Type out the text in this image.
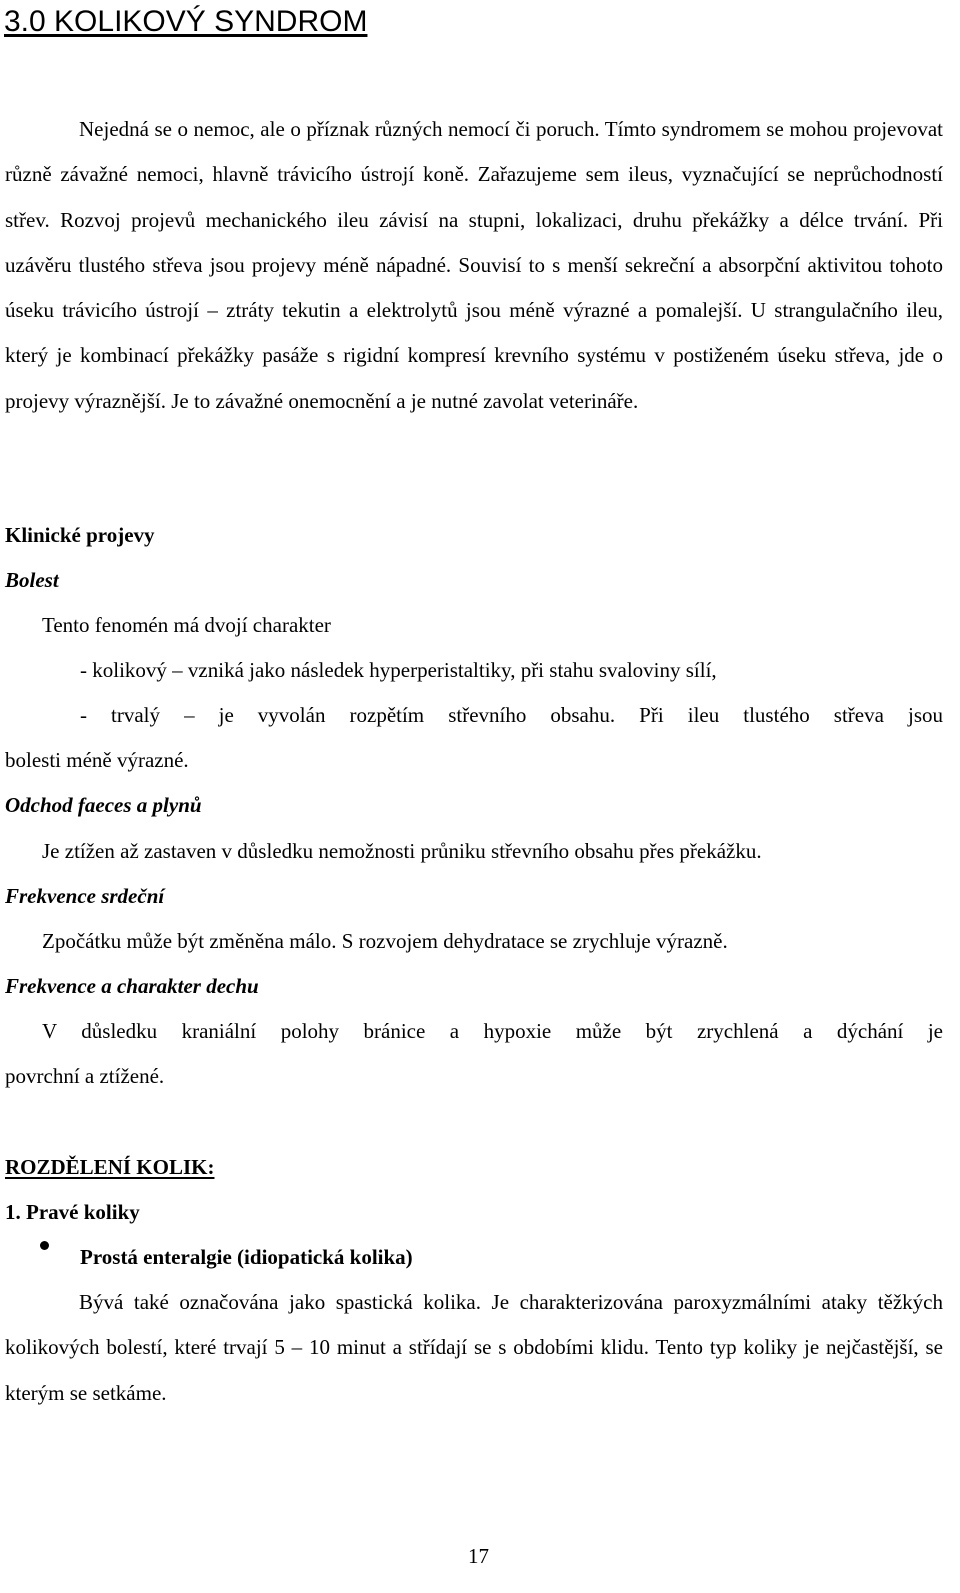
3.0 KOLIKOVÝ SYNDROM
Nejedná se o nemoc, ale o příznak různých nemocí či poruch. Tímto syndromem se mohou projevovat různě závažné nemoci, hlavně trávicího ústrojí koně. Zařazujeme sem ileus, vyznačující se neprůchodností střev. Rozvoj projevů mechanického ileu závisí na stupni, lokalizaci, druhu překážky a délce trvání. Při uzávěru tlustého střeva jsou projevy méně nápadné. Souvisí to s menší sekreční a absorpční aktivitou tohoto úseku trávicího ústrojí – ztráty tekutin a elektrolytů jsou méně výrazné a pomalejší. U strangulačního ileu, který je kombinací překážky pasáže s rigidní kompresí krevního systému v postiženém úseku střeva, jde o projevy výraznější. Je to závažné onemocnění a je nutné zavolat veterináře.
Klinické projevy
Bolest
Tento fenomén má dvojí charakter
- kolikový – vzniká jako následek hyperperistaltiky, při stahu svaloviny sílí,
- trvalý – je vyvolán rozpětím střevního obsahu. Při ileu tlustého střeva jsou
bolesti méně výrazné.
Odchod faeces a plynů
Je ztížen až zastaven v důsledku nemožnosti průniku střevního obsahu přes překážku.
Frekvence srdeční
Zpočátku může být změněna málo. S rozvojem dehydratace se zrychluje výrazně.
Frekvence a charakter dechu
V důsledku kraniální polohy bránice a hypoxie může být zrychlená a dýchání je
povrchní a ztížené.
ROZDĚLENÍ KOLIK:
1. Pravé koliky
Prostá enteralgie (idiopatická kolika)
Bývá také označována jako spastická kolika. Je charakterizována paroxyzmálními ataky těžkých kolikových bolestí, které trvají 5 – 10 minut a střídají se s obdobími klidu. Tento typ koliky je nejčastější, se kterým se setkáme.
17
